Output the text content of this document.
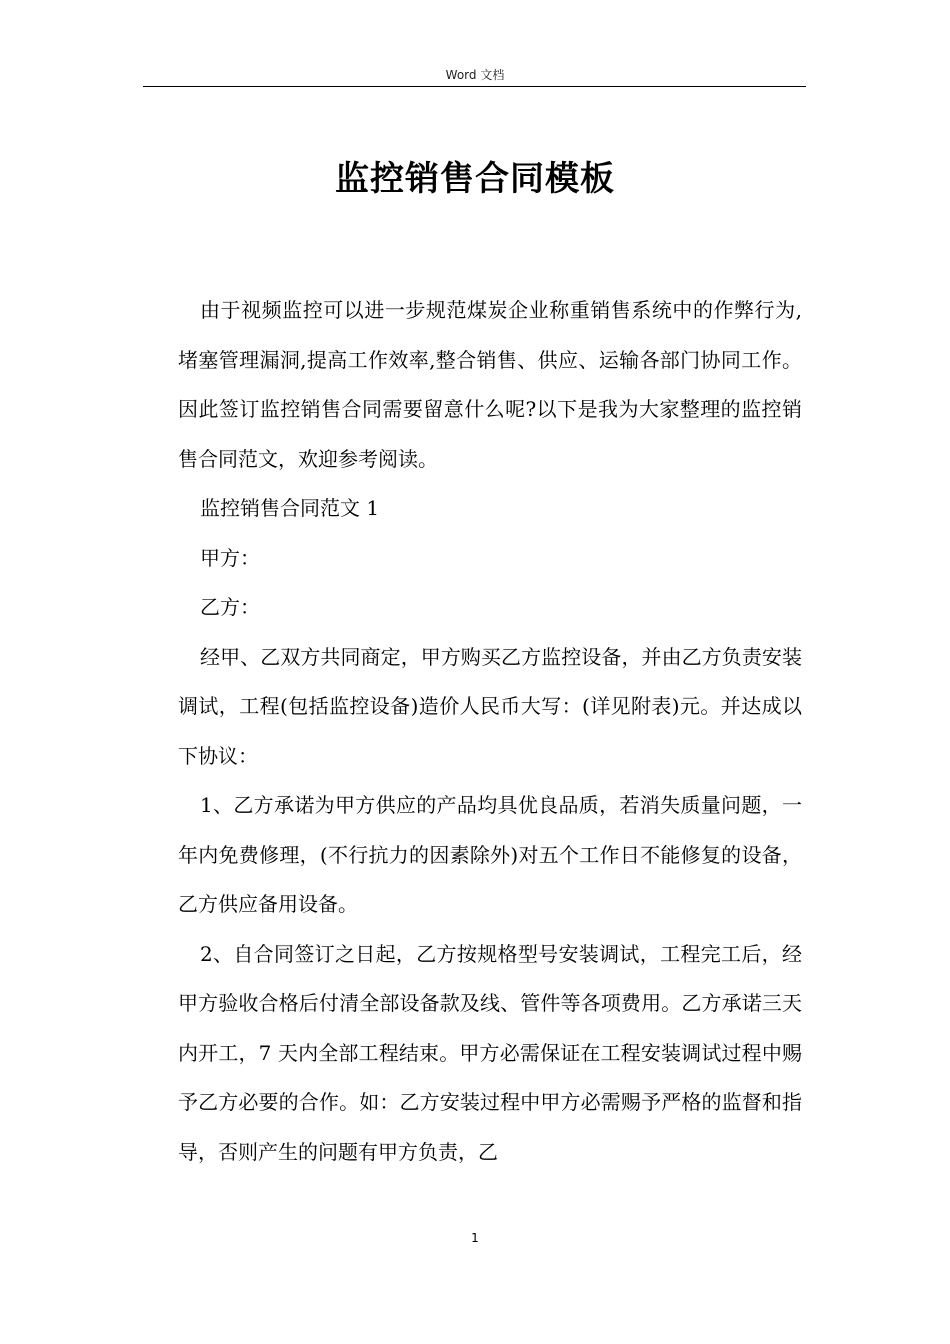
Word 文档
监控销售合同模板

由于视频监控可以进一步规范煤炭企业称重销售系统中的作弊行为,堵塞管理漏洞,提高工作效率,整合销售、供应、运输各部门协同工作。因此签订监控销售合同需要留意什么呢?以下是我为大家整理的监控销售合同范文，欢迎参考阅读。

监控销售合同范文 1

甲方：

乙方：

经甲、乙双方共同商定，甲方购买乙方监控设备，并由乙方负责安装调试，工程(包括监控设备)造价人民币大写：(详见附表)元。并达成以下协议：

1、乙方承诺为甲方供应的产品均具优良品质，若消失质量问题，一年内免费修理，(不行抗力的因素除外)对五个工作日不能修复的设备，乙方供应备用设备。

2、自合同签订之日起，乙方按规格型号安装调试，工程完工后，经甲方验收合格后付清全部设备款及线、管件等各项费用。乙方承诺三天内开工，7 天内全部工程结束。甲方必需保证在工程安装调试过程中赐予乙方必要的合作。如：乙方安装过程中甲方必需赐予严格的监督和指导，否则产生的问题有甲方负责，乙

1
